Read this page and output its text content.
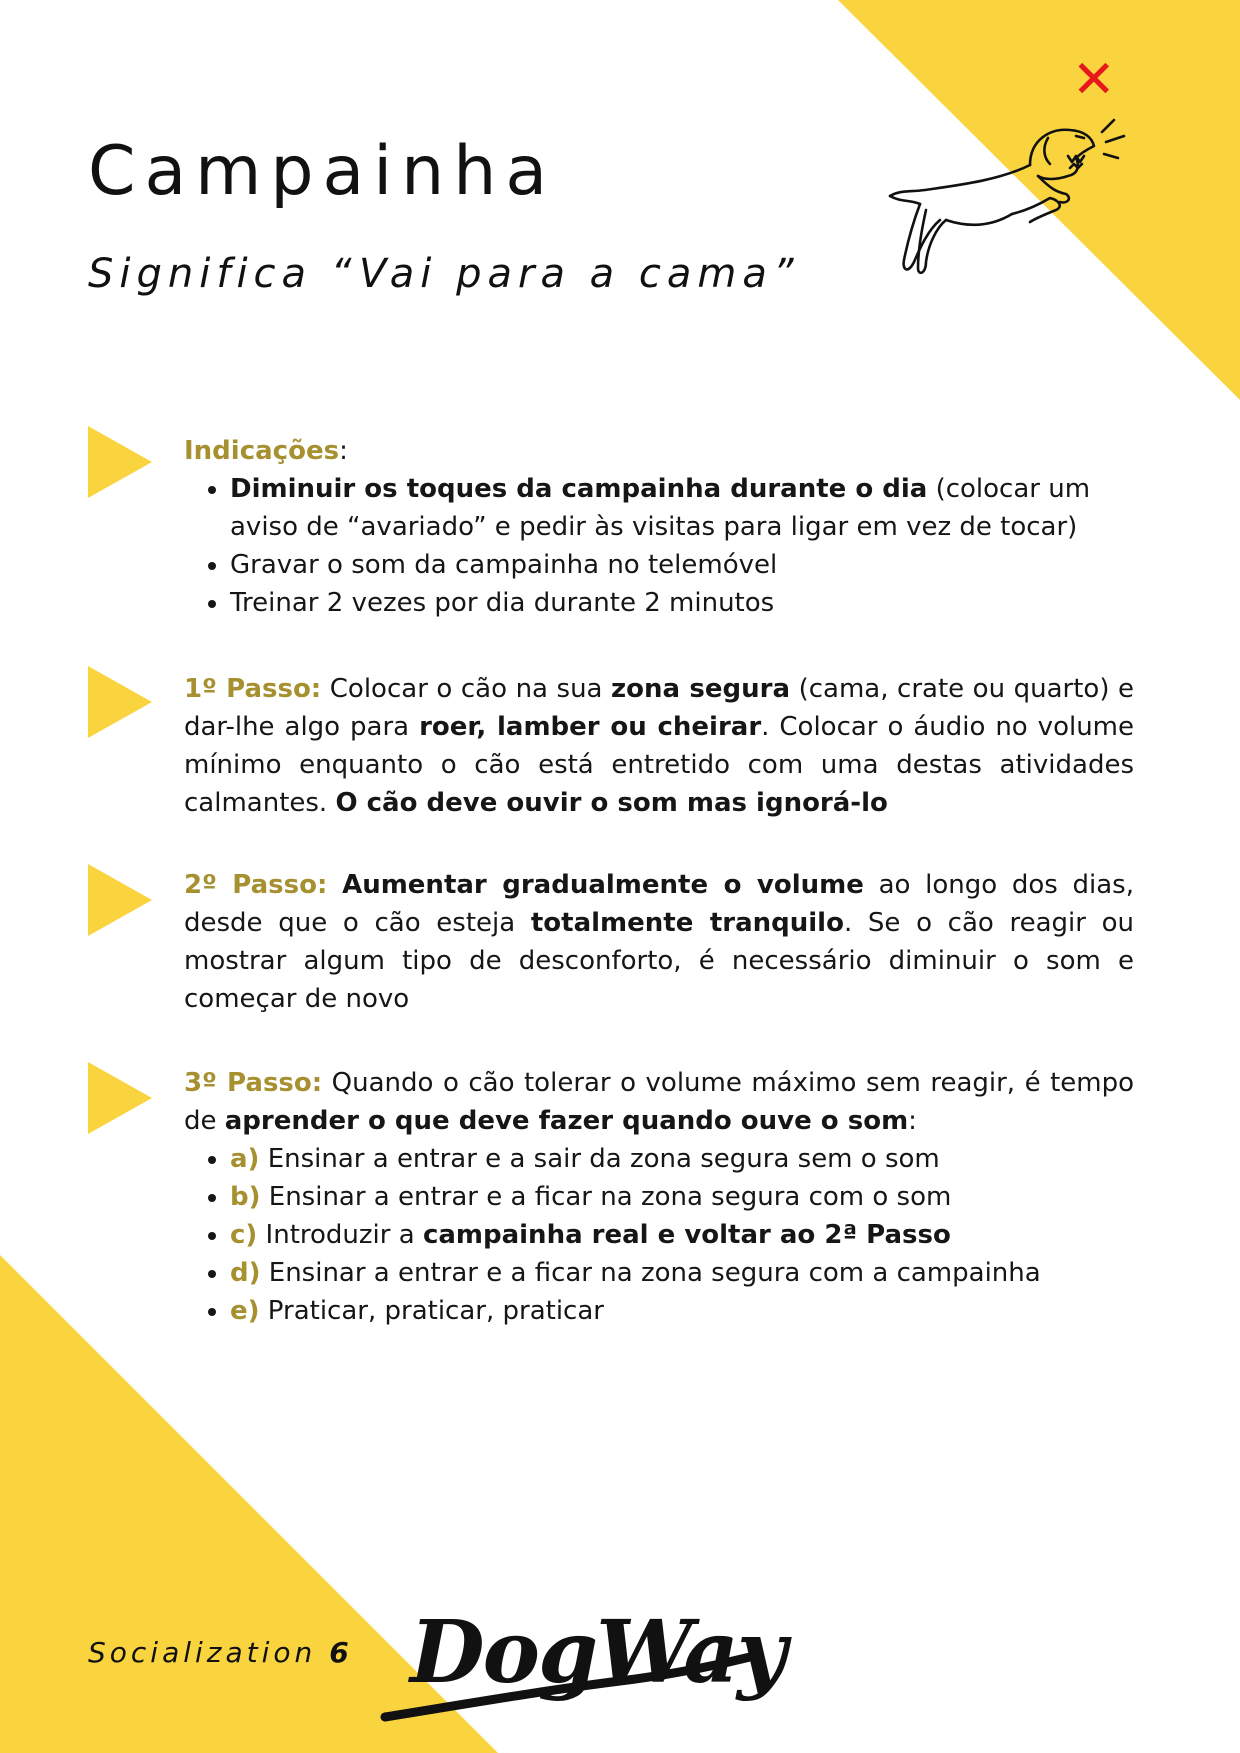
✕
Campainha
Significa “Vai para a cama”

Indicações:

• Diminuir os toques da campainha durante o dia (colocar um aviso de “avariado” e pedir às visitas para ligar em vez de tocar)
• Gravar o som da campainha no telemóvel
• Treinar 2 vezes por dia durante 2 minutos

1º Passo: Colocar o cão na sua zona segura (cama, crate ou quarto) e dar-lhe algo para roer, lamber ou cheirar. Colocar o áudio no volume mínimo enquanto o cão está entretido com uma destas atividades calmantes. O cão deve ouvir o som mas ignorá-lo

2º Passo: Aumentar gradualmente o volume ao longo dos dias, desde que o cão esteja totalmente tranquilo. Se o cão reagir ou mostrar algum tipo de desconforto, é necessário diminuir o som e começar de novo

3º Passo: Quando o cão tolerar o volume máximo sem reagir, é tempo de aprender o que deve fazer quando ouve o som:

• a) Ensinar a entrar e a sair da zona segura sem o som
• b) Ensinar a entrar e a ficar na zona segura com o som
• c) Introduzir a campainha real e voltar ao 2ª Passo
• d) Ensinar a entrar e a ficar na zona segura com a campainha
• e) Praticar, praticar, praticar
Socialization 6 DogWay
